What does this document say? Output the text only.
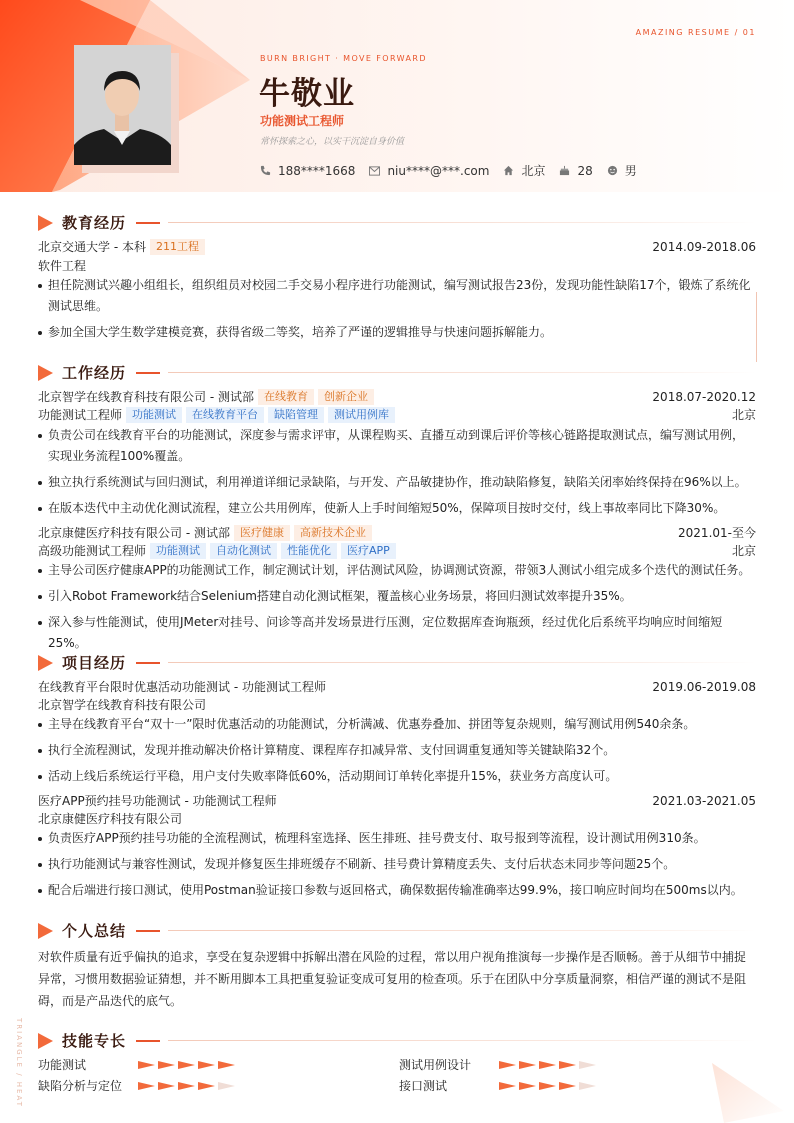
AMAZING RESUME / 01
BURN BRIGHT · MOVE FORWARD
牛敬业
功能测试工程师
常怀探索之心，以实干沉淀自身价值
188****1668	niu****@***.com	北京	28	男
教育经历
北京交通大学 - 本科 211工程	2014.09-2018.06
软件工程
担任院测试兴趣小组组长，组织组员对校园二手交易小程序进行功能测试，编写测试报告23份，发现功能性缺陷17个，锻炼了系统化
测试思维。
参加全国大学生数学建模竞赛，获得省级二等奖，培养了严谨的逻辑推导与快速问题拆解能力。
工作经历
北京智学在线教育科技有限公司 - 测试部 在线教育	创新企业	2018.07-2020.12
功能测试工程师 功能测试	在线教育平台	缺陷管理	测试用例库	北京
负责公司在线教育平台的功能测试，深度参与需求评审，从课程购买、直播互动到课后评价等核心链路提取测试点，编写测试用例，
实现业务流程100%覆盖。
独立执行系统测试与回归测试，利用禅道详细记录缺陷，与开发、产品敏捷协作，推动缺陷修复，缺陷关闭率始终保持在96%以上。
在版本迭代中主动优化测试流程，建立公共用例库，使新人上手时间缩短50%，保障项目按时交付，线上事故率同比下降30%。
北京康健医疗科技有限公司 - 测试部 医疗健康	高新技术企业	2021.01-至今
高级功能测试工程师 功能测试	自动化测试	性能优化	医疗APP	北京
主导公司医疗健康APP的功能测试工作，制定测试计划，评估测试风险，协调测试资源，带领3人测试小组完成多个迭代的测试任务。
引入Robot Framework结合Selenium搭建自动化测试框架，覆盖核心业务场景，将回归测试效率提升35%。
深入参与性能测试，使用JMeter对挂号、问诊等高并发场景进行压测，定位数据库查询瓶颈，经过优化后系统平均响应时间缩短25%。
项目经历
在线教育平台限时优惠活动功能测试 - 功能测试工程师	2019.06-2019.08
北京智学在线教育科技有限公司
主导在线教育平台“双十一”限时优惠活动的功能测试，分析满减、优惠券叠加、拼团等复杂规则，编写测试用例540余条。
执行全流程测试，发现并推动解决价格计算精度、课程库存扣减异常、支付回调重复通知等关键缺陷32个。
活动上线后系统运行平稳，用户支付失败率降低60%，活动期间订单转化率提升15%，获业务方高度认可。
医疗APP预约挂号功能测试 - 功能测试工程师	2021.03-2021.05
北京康健医疗科技有限公司
负责医疗APP预约挂号功能的全流程测试，梳理科室选择、医生排班、挂号费支付、取号报到等流程，设计测试用例310条。
执行功能测试与兼容性测试，发现并修复医生排班缓存不刷新、挂号费计算精度丢失、支付后状态未同步等问题25个。
配合后端进行接口测试，使用Postman验证接口参数与返回格式，确保数据传输准确率达99.9%，接口响应时间均在500ms以内。
个人总结
对软件质量有近乎偏执的追求，享受在复杂逻辑中拆解出潜在风险的过程，常以用户视角推演每一步操作是否顺畅。善于从细节中捕捉异常，习惯用数据验证猜想，并不断用脚本工具把重复验证变成可复用的检查项。乐于在团队中分享质量洞察，相信严谨的测试不是阻碍，而是产品迭代的底气。
技能专长
功能测试	测试用例设计
缺陷分析与定位	接口测试
TRIANGLE / HEAT
